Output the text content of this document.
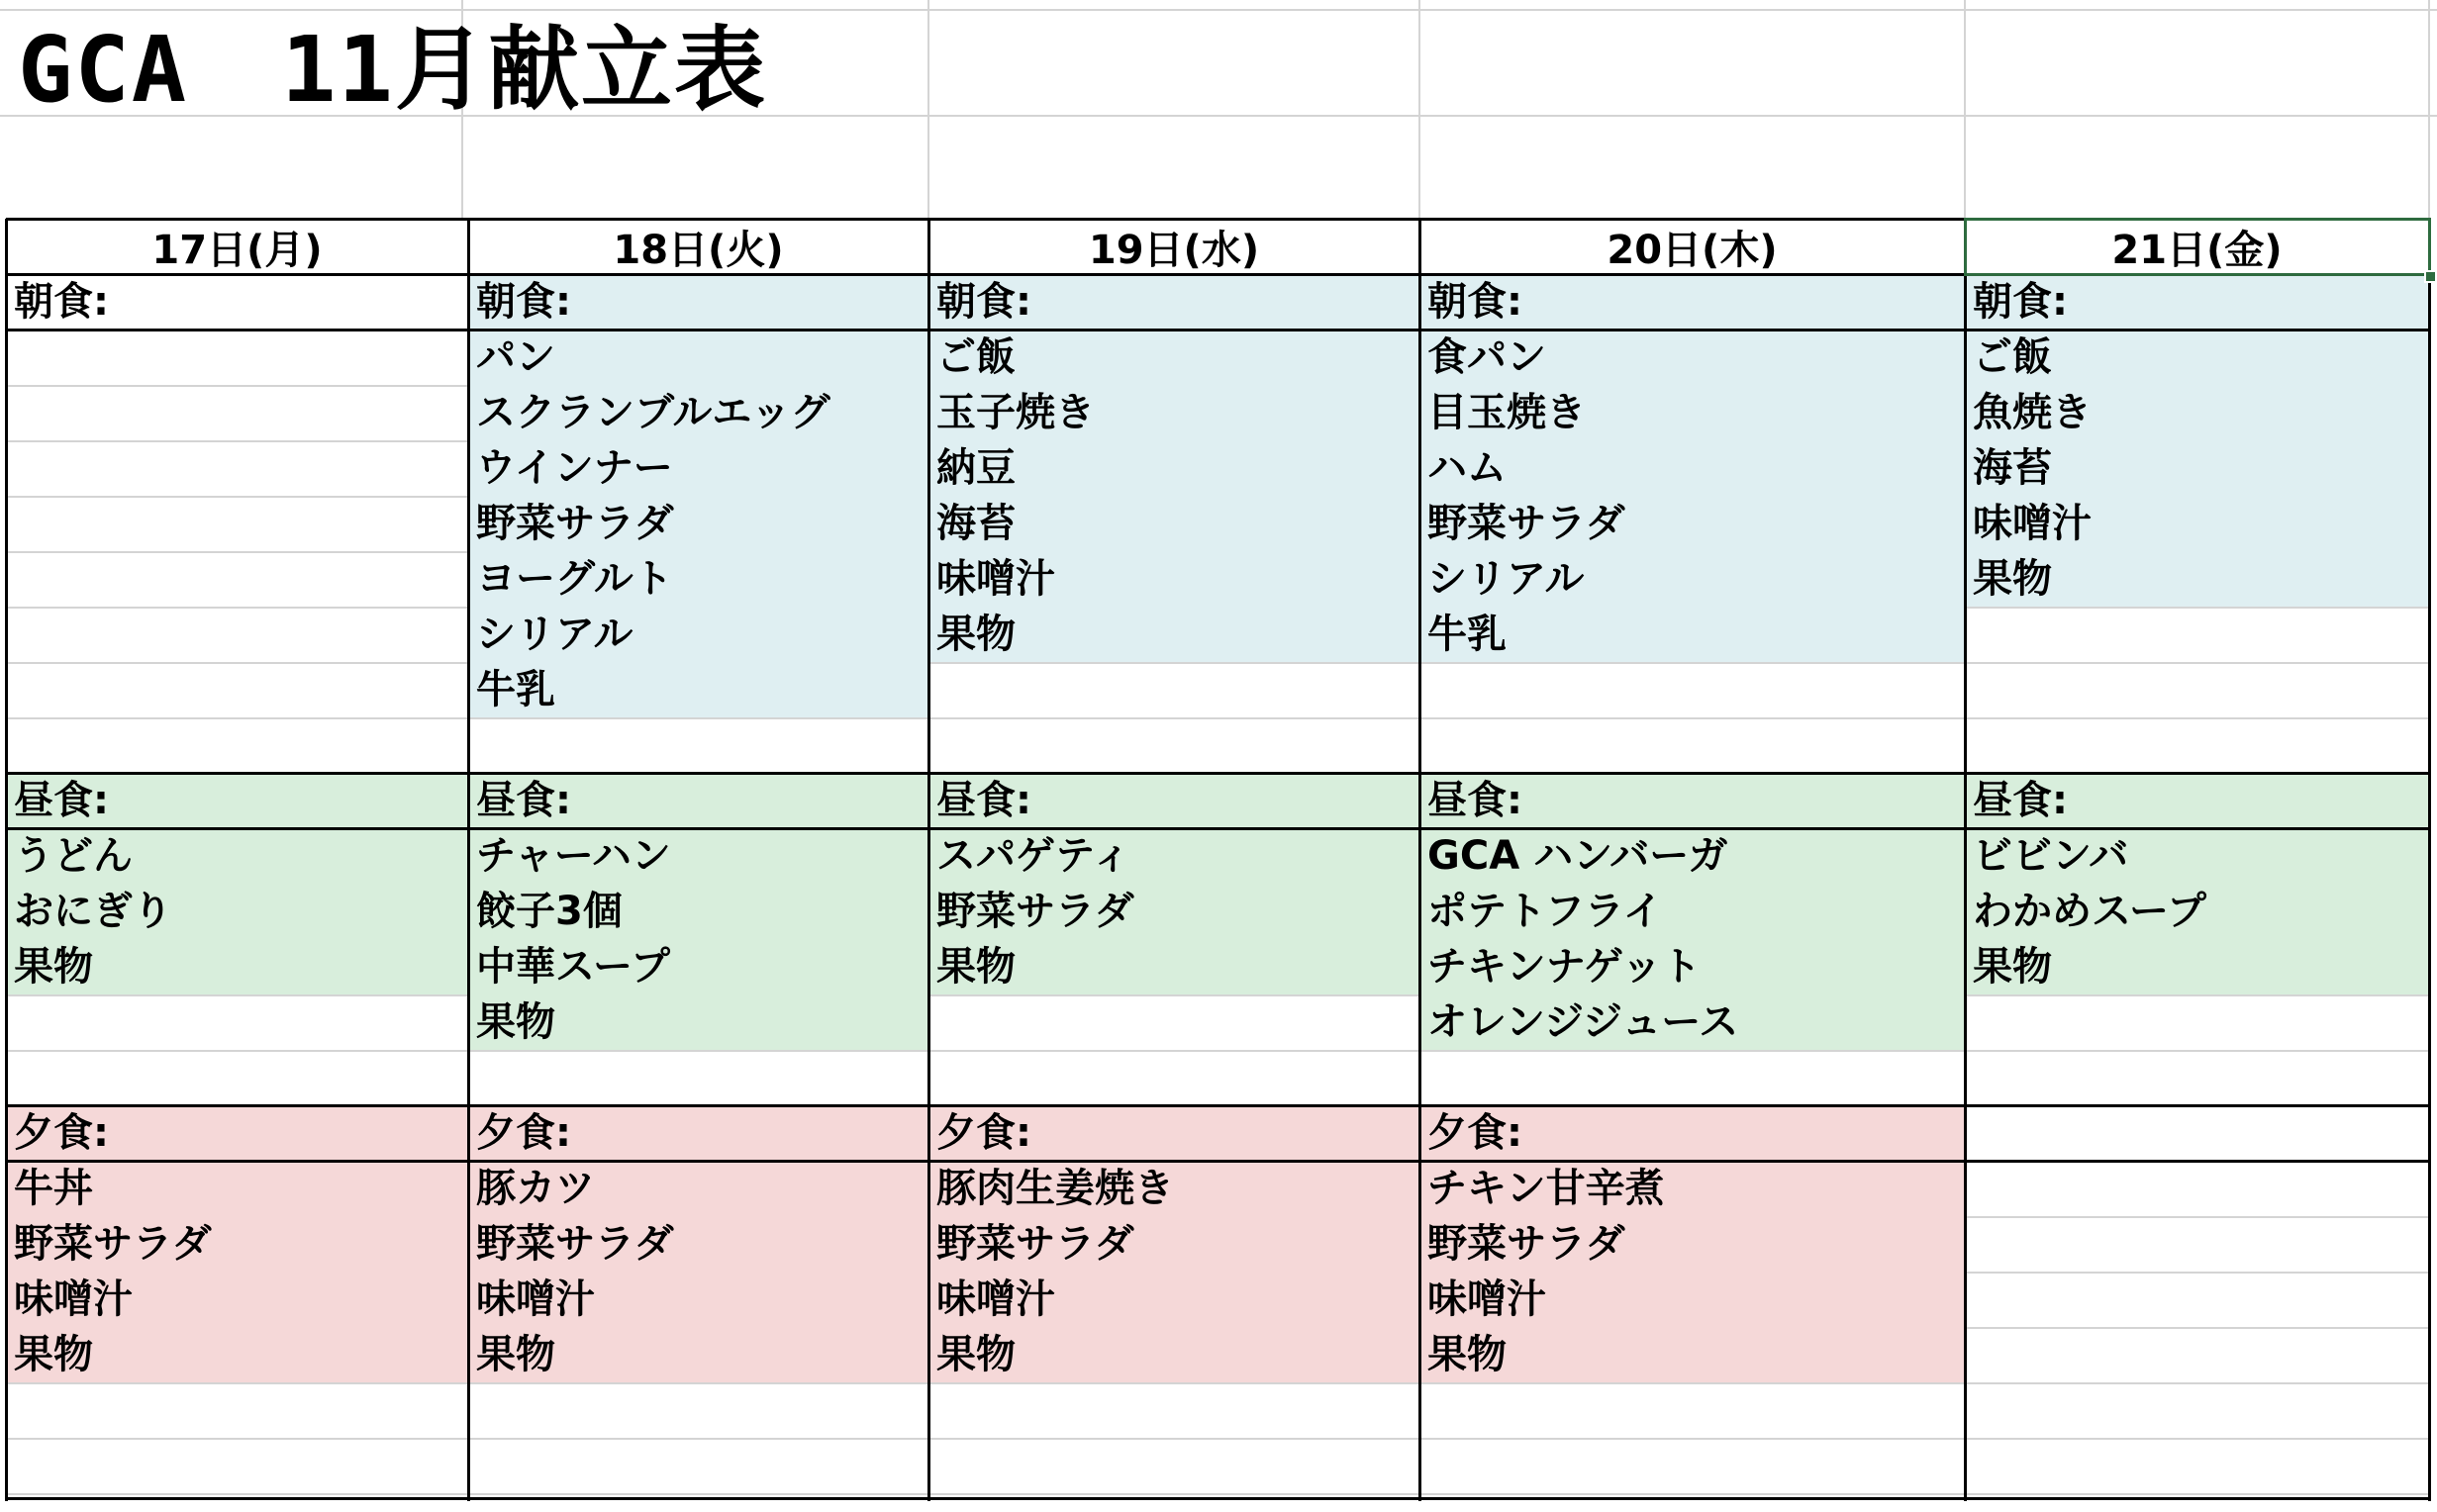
GCA　11月献立表
17日(月)
朝食:
昼食:
うどん
おにぎり
果物
夕食:
牛丼
野菜サラダ
味噌汁
果物
18日(火)
朝食:
パン
スクランブルエッグ
ウインナー
野菜サラダ
ヨーグルト
シリアル
牛乳
昼食:
チャーハン
餃子3個
中華スープ
果物
夕食:
豚カツ
野菜サラダ
味噌汁
果物
19日(水)
朝食:
ご飯
玉子焼き
納豆
海苔
味噌汁
果物
昼食:
スパゲティ
野菜サラダ
果物
夕食:
豚肉生姜焼き
野菜サラダ
味噌汁
果物
20日(木)
朝食:
食パン
目玉焼き
ハム
野菜サラダ
シリアル
牛乳
昼食:
GCA ハンバーガ
ポテトフライ
チキンナゲット
オレンジジュース
夕食:
チキン甘辛煮
野菜サラダ
味噌汁
果物
21日(金)
朝食:
ご飯
魚焼き
海苔
味噌汁
果物
昼食:
ビビンバ
わかめスープ
果物
